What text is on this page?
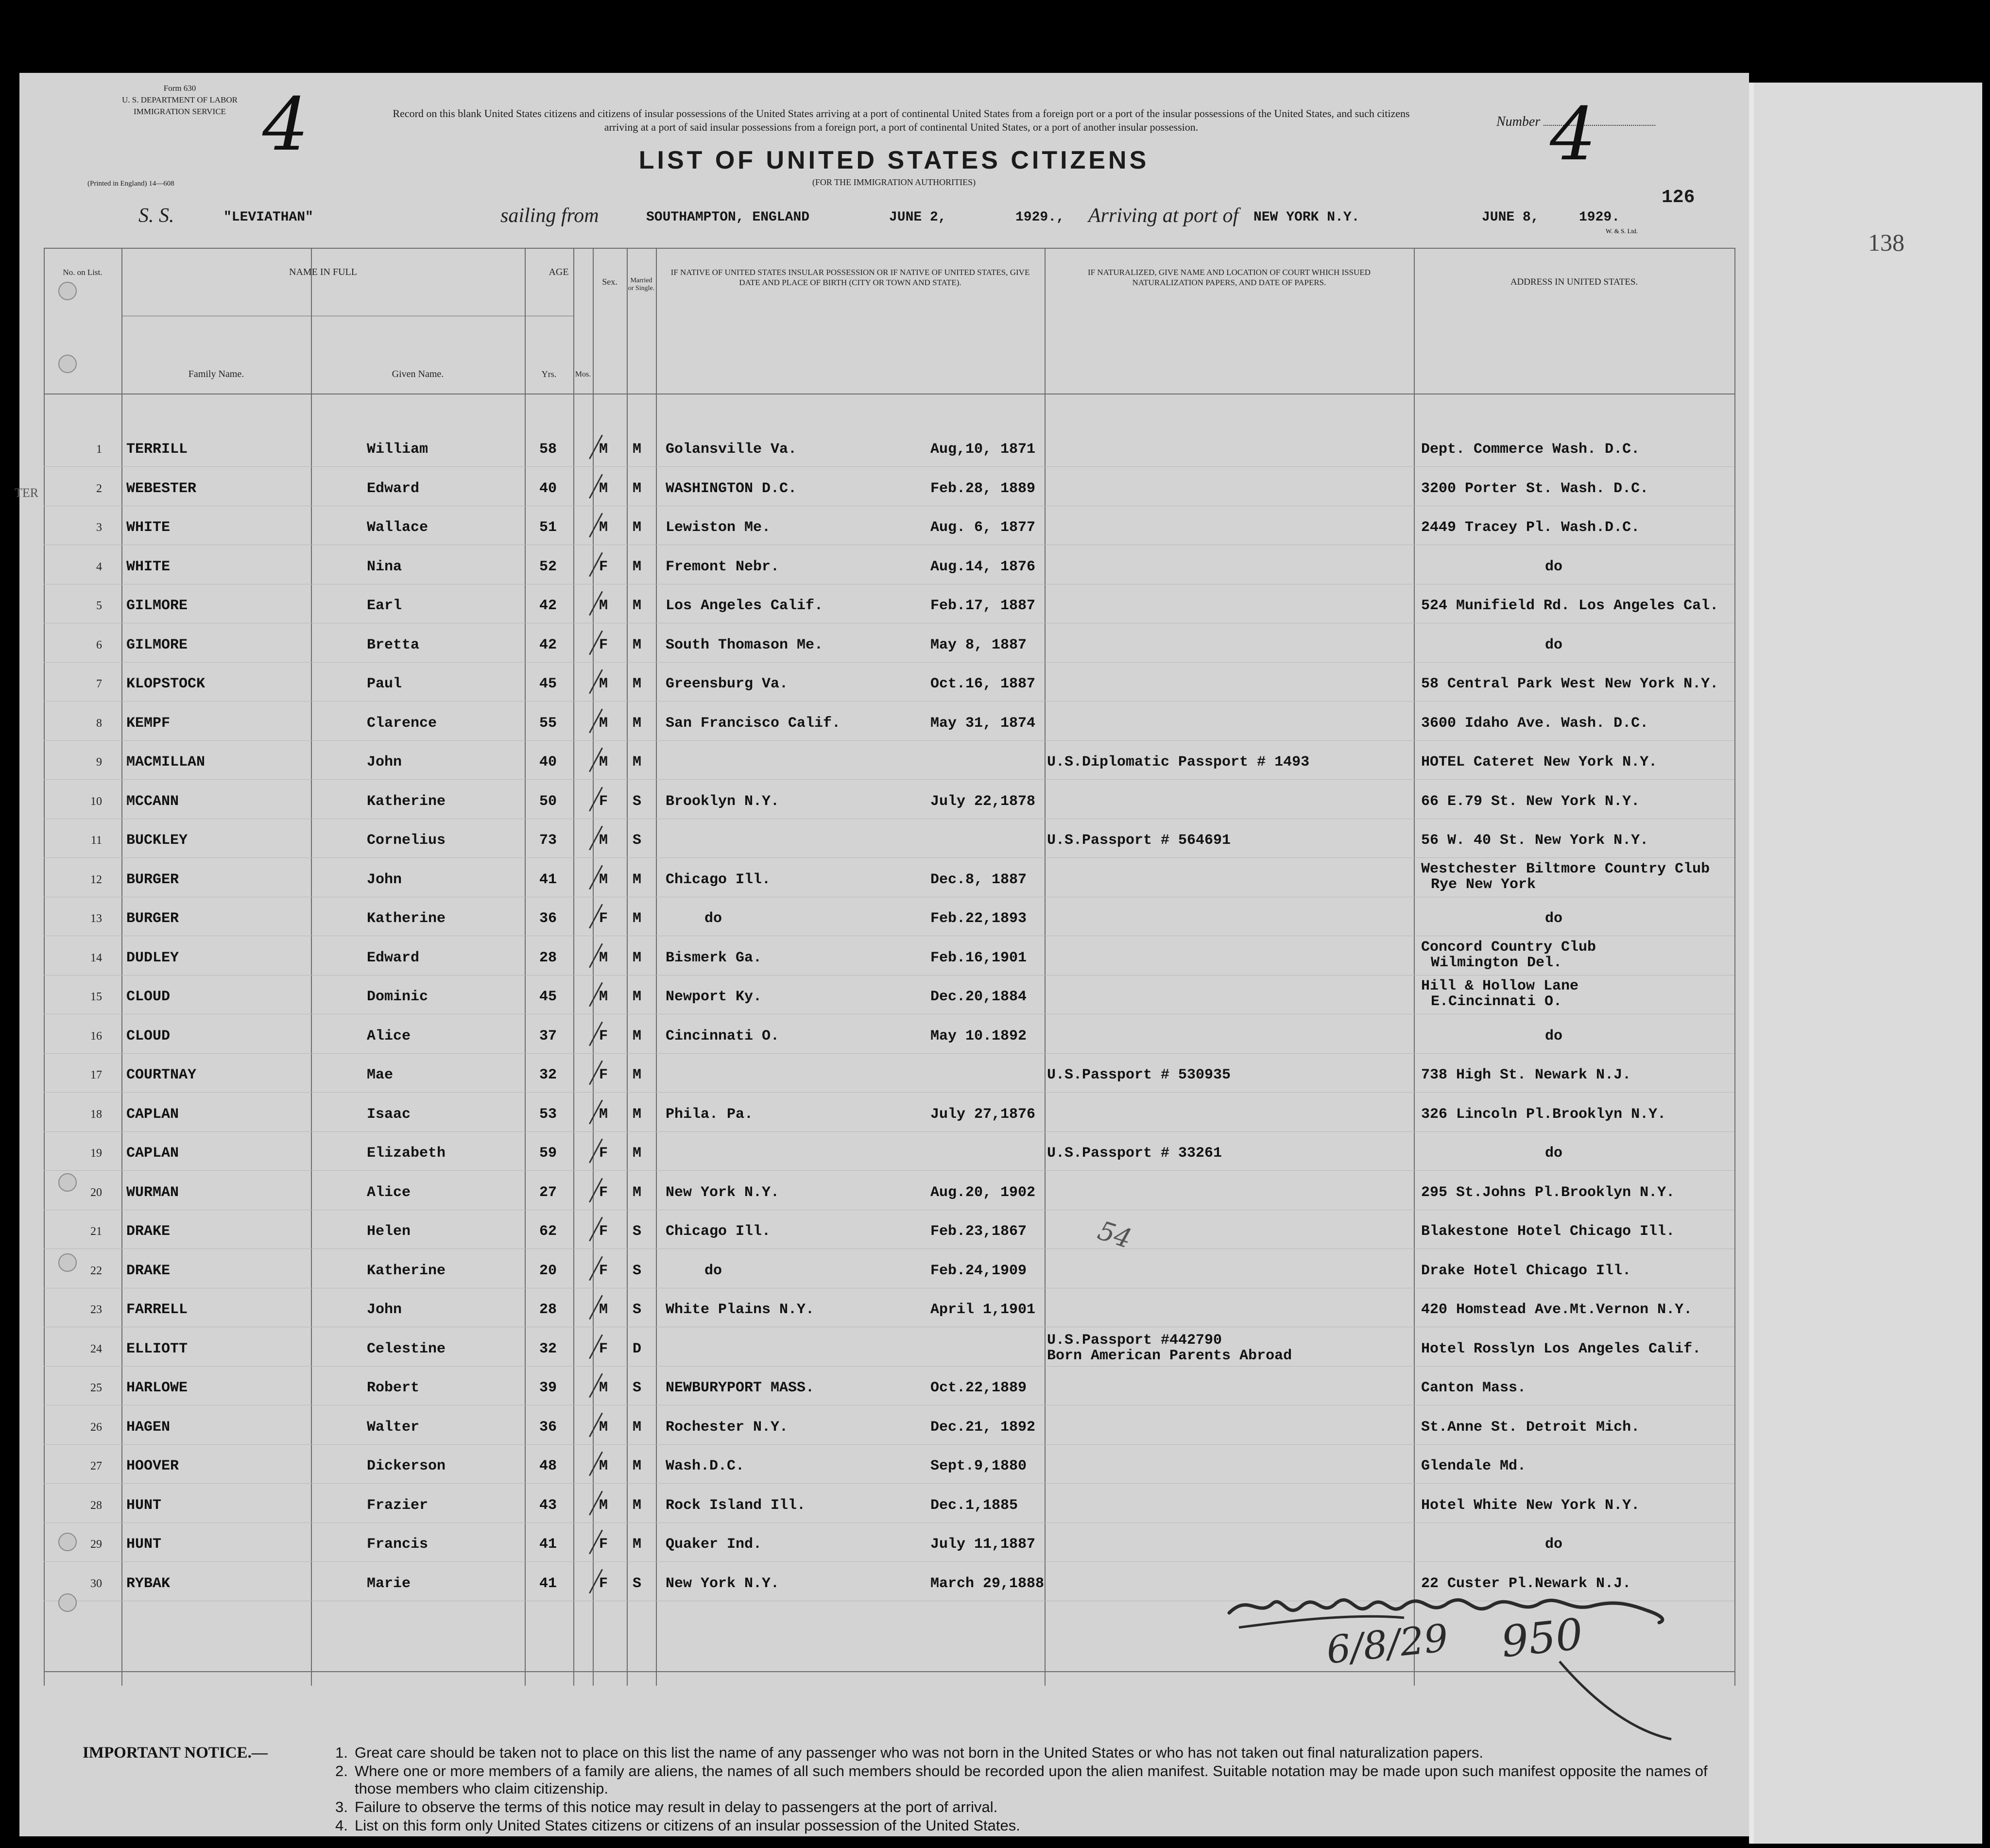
138
Form 630
U. S. DEPARTMENT OF LABOR
IMMIGRATION SERVICE
(Printed in England) 14—608
4	Record on this blank United States citizens and citizens of insular possessions of the United States arriving at a port of continental United States from a foreign port or a port of the insular possessions of the United States, and such citizens arriving at a port of said insular possessions from a foreign port, a port of continental United States, or a port of another insular possession.
LIST OF UNITED STATES CITIZENS
(FOR THE IMMIGRATION AUTHORITIES)
Number 4
126
S. S.	"LEVIATHAN"	sailing from	SOUTHAMPTON, ENGLAND	JUNE 2,	1929., Arriving at port of NEW YORK N.Y.	JUNE 8,	1929.
W. & S. Ltd.
No. on List.	NAME IN FULL
Family Name.	Given Name.
AGE
Yrs.	Mos.
Sex.	Married or Single.
IF NATIVE OF UNITED STATES INSULAR POSSESSION OR IF NATIVE OF UNITED STATES, GIVE DATE AND PLACE OF BIRTH (CITY OR TOWN AND STATE).
IF NATURALIZED, GIVE NAME AND LOCATION OF COURT WHICH ISSUED NATURALIZATION PAPERS, AND DATE OF PAPERS.	ADDRESS IN UNITED STATES.
1 TERRILL	William	58	M M Golansville Va.	Aug,10, 1871	Dept. Commerce Wash. D.C.
2 WEBESTER	Edward	40	M M WASHINGTON D.C.	Feb.28, 1889	3200 Porter St. Wash. D.C.
3 WHITE	Wallace	51	M M Lewiston Me.	Aug. 6, 1877	2449 Tracey Pl. Wash.D.C.
4 WHITE	Nina	52	F M Fremont Nebr.	Aug.14, 1876	do
5 GILMORE	Earl	42	M M Los Angeles Calif.	Feb.17, 1887	524 Munifield Rd. Los Angeles Cal.
6 GILMORE	Bretta	42	F M South Thomason Me.	May 8, 1887	do
7 KLOPSTOCK	Paul	45	M M Greensburg Va.	Oct.16, 1887	58 Central Park West New York N.Y.
8 KEMPF	Clarence	55	M M San Francisco Calif.	May 31, 1874	3600 Idaho Ave. Wash. D.C.
9 MACMILLAN	John	40	M M	U.S.Diplomatic Passport # 1493	HOTEL Cateret New York N.Y.
10 MCCANN	Katherine	50	F S Brooklyn N.Y.	July 22,1878	66 E.79 St. New York N.Y.
11 BUCKLEY	Cornelius	73	M S	U.S.Passport # 564691	56 W. 40 St. New York N.Y.
12 BURGER	John	41	M M Chicago Ill.	Dec.8, 1887
Westchester Biltmore Country Club
Rye New York
13 BURGER	Katherine	36	F M	do	Feb.22,1893	do
14 DUDLEY	Edward	28	M M Bismerk Ga.	Feb.16,1901
Concord Country Club
Wilmington Del.
15 CLOUD	Dominic	45	M M Newport Ky.	Dec.20,1884
Hill & Hollow Lane
E.Cincinnati O.
16 CLOUD	Alice	37	F M Cincinnati O.	May 10.1892	do
17 COURTNAY	Mae	32	F M	U.S.Passport # 530935	738 High St. Newark N.J.
18 CAPLAN	Isaac	53	M M Phila. Pa.	July 27,1876	326 Lincoln Pl.Brooklyn N.Y.
19 CAPLAN	Elizabeth	59	F M	U.S.Passport # 33261	do
20 WURMAN	Alice	27	F M New York N.Y.	Aug.20, 1902	295 St.Johns Pl.Brooklyn N.Y.
21 DRAKE	Helen	62	F S Chicago Ill.	Feb.23,1867	Blakestone Hotel Chicago Ill.
22 DRAKE	Katherine	20	F S	do	Feb.24,1909	Drake Hotel Chicago Ill.
23 FARRELL	John	28	M S White Plains N.Y.	April 1,1901	420 Homstead Ave.Mt.Vernon N.Y.
24 ELLIOTT	Celestine	32	F D
U.S.Passport #442790
Hotel Rosslyn Los Angeles Calif.
Born American Parents Abroad
25 HARLOWE	Robert	39	M S NEWBURYPORT MASS.	Oct.22,1889	Canton Mass.
26 HAGEN	Walter	36	M M Rochester N.Y.	Dec.21, 1892	St.Anne St. Detroit Mich.
27 HOOVER	Dickerson	48	M M Wash.D.C.	Sept.9,1880	Glendale Md.
28 HUNT	Frazier	43	M M Rock Island Ill.	Dec.1,1885	Hotel White New York N.Y.
29 HUNT	Francis	41	F M Quaker Ind.	July 11,1887	do
30 RYBAK	Marie	41	F S New York N.Y.	March 29,1888	22 Custer Pl.Newark N.J.
TER
54
6/8/29 950
IMPORTANT NOTICE.—	1. Great care should be taken not to place on this list the name of any passenger who was not born in the United States or who has not taken out final naturalization papers.
2. Where one or more members of a family are aliens, the names of all such members should be recorded upon the alien manifest. Suitable notation may be made upon such manifest opposite the names of those members who claim citizenship.
3. Failure to observe the terms of this notice may result in delay to passengers at the port of arrival.
4. List on this form only United States citizens or citizens of an insular possession of the United States.
